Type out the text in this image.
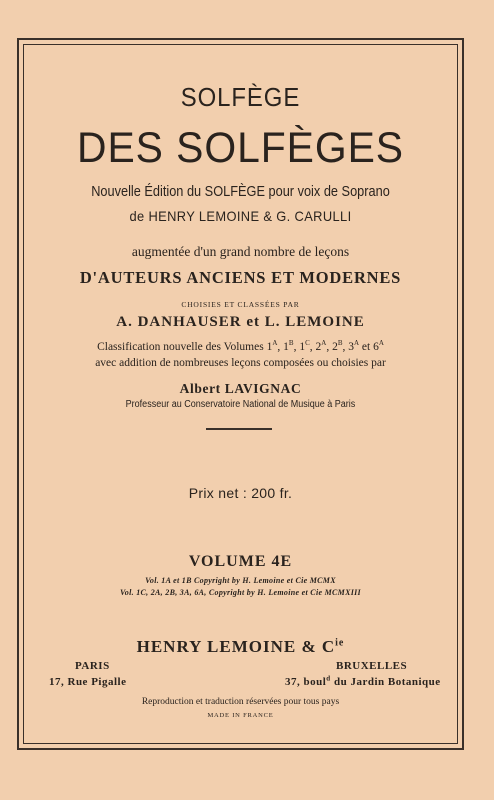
SOLFÈGE
DES SOLFÈGES
Nouvelle Édition du SOLFÈGE pour voix de Soprano
de HENRY LEMOINE & G. CARULLI
augmentée d'un grand nombre de leçons
D'AUTEURS ANCIENS ET MODERNES
CHOISIES ET CLASSÉES PAR
A. DANHAUSER et L. LEMOINE
Classification nouvelle des Volumes $1^A$, $1^B$, $1^C$, $2^A$, $2^B$, $3^A$ et $6^A$
avec addition de nombreuses leçons composées ou choisies par
Albert LAVIGNAC
Professeur au Conservatoire National de Musique à Paris
Prix net : 200 fr.
VOLUME 4E
Vol. 1A et 1B Copyright by H. Lemoine et Cie MCMX
Vol. 1C, 2A, 2B, 3A, 6A, Copyright by H. Lemoine et Cie MCMXIII
HENRY LEMOINE & $C^{ie}$
PARIS
17, Rue Pigalle
BRUXELLES
37, boul$^d$ du Jardin Botanique
Reproduction et traduction réservées pour tous pays
MADE IN FRANCE
